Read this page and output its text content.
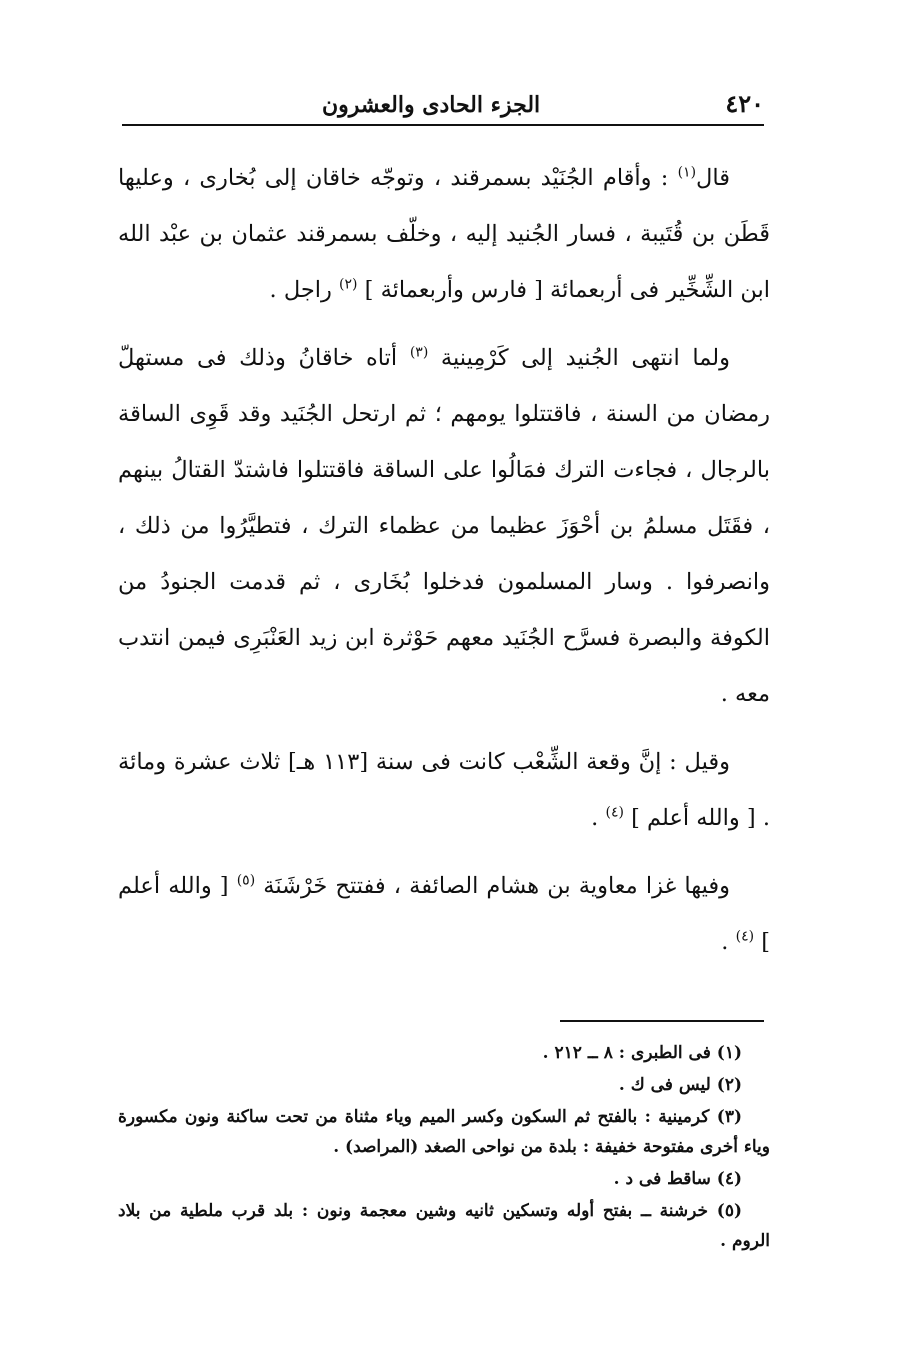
٤٢٠
الجزء الحادى والعشرون

قال$^{(١)}$ : وأقام الجُنَيْد بسمرقند ، وتوجّه خاقان إلى بُخارى ، وعليها قَطَن بن قُتَيبة ، فسار الجُنيد إليه ، وخلّف بسمرقند عثمان بن عبْد الله ابن الشِّخِّير فى أربعمائة [ فارس وأربعمائة ] $^{(٢)}$ راجل .

ولما انتهى الجُنيد إلى كَرْمِينية $^{(٣)}$ أتاه خاقانُ وذلك فى مستهلّ رمضان من السنة ، فاقتتلوا يومهم ؛ ثم ارتحل الجُنَيد وقد قَوِى الساقة بالرجال ، فجاءت الترك فمَالُوا على الساقة فاقتتلوا فاشتدّ القتالُ بينهم ، فقَتَل مسلمُ بن أحْوَزَ عظيما من عظماء الترك ، فتطيَّرُوا من ذلك ، وانصرفوا . وسار المسلمون فدخلوا بُخَارى ، ثم قدمت الجنودُ من الكوفة والبصرة فسرَّح الجُنَيد معهم حَوْثرة ابن زيد العَنْبَرِى فيمن انتدب معه .

وقيل : إنَّ وقعة الشِّعْب كانت فى سنة [١١٣ هـ] ثلاث عشرة ومائة . [ والله أعلم ] $^{(٤)}$ .

وفيها غزا معاوية بن هشام الصائفة ، ففتتح خَرْشَنَة $^{(٥)}$ [ والله أعلم ] $^{(٤)}$ .

(١) فى الطبرى : ٨ ــ ٢١٢ .

(٢) ليس فى ك .

(٣) كرمينية : بالفتح ثم السكون وكسر الميم وياء مثناة من تحت ساكنة ونون مكسورة وياء أخرى مفتوحة خفيفة : بلدة من نواحى الصغد (المراصد) .

(٤) ساقط فى د .

(٥) خرشنة ــ بفتح أوله وتسكين ثانيه وشين معجمة ونون : بلد قرب ملطية من بلاد الروم .
